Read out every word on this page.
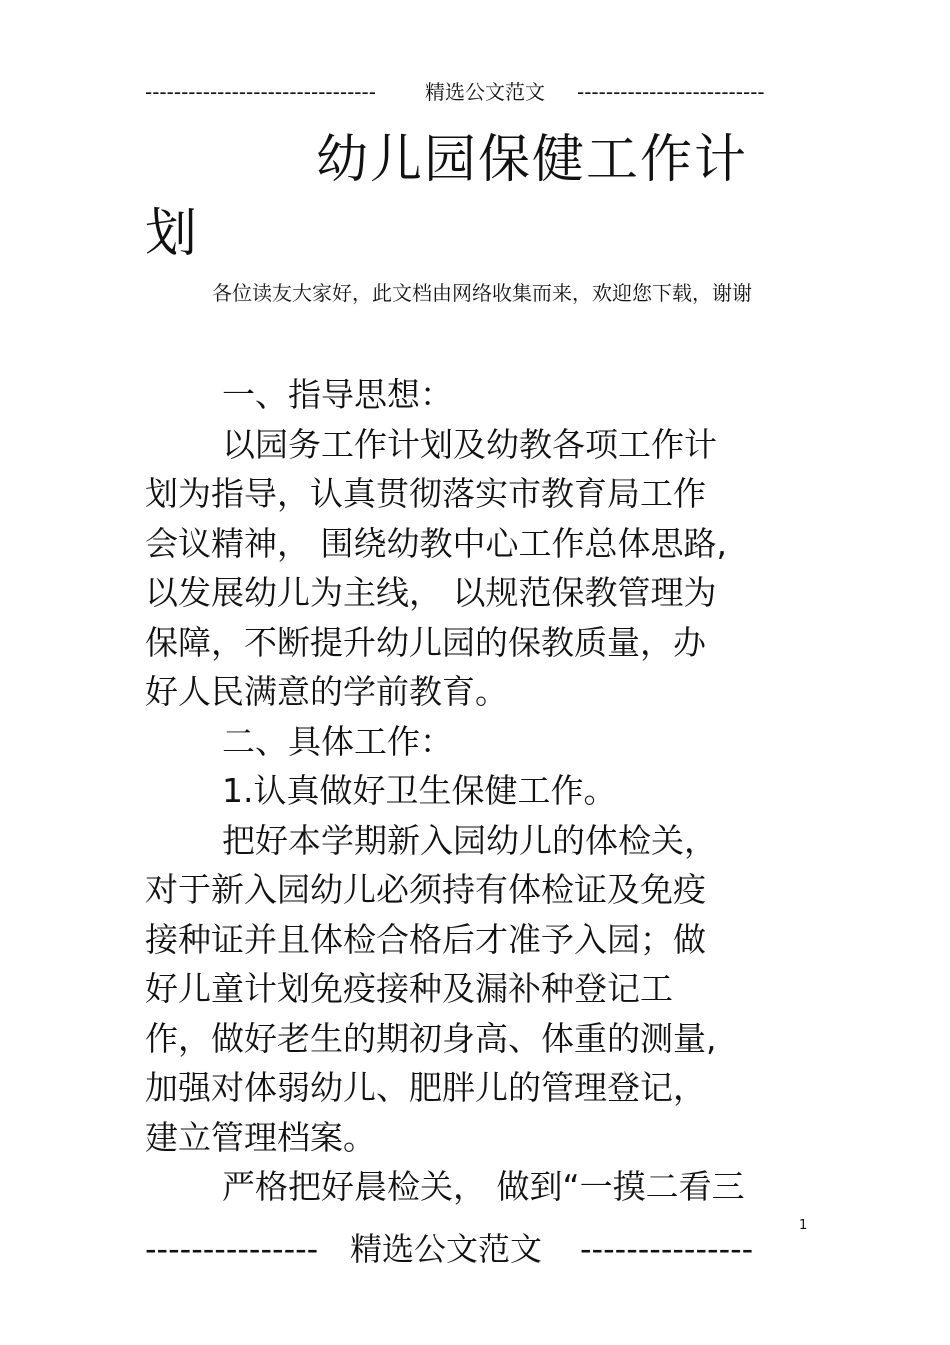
-------------------------------- 精选公文范文 --------------------------
幼儿园保健工作计
划
各位读友大家好，此文档由网络收集而来，欢迎您下载，谢谢
一、指导思想：
以园务工作计划及幼教各项工作计
划为指导，认真贯彻落实市教育局工作
会议精神， 围绕幼教中心工作总体思路,
以发展幼儿为主线， 以规范保教管理为
保障，不断提升幼儿园的保教质量，办
好人民满意的学前教育。
二、具体工作：
1.认真做好卫生保健工作。
把好本学期新入园幼儿的体检关，
对于新入园幼儿必须持有体检证及免疫
接种证并且体检合格后才准予入园；做
好儿童计划免疫接种及漏补种登记工
作，做好老生的期初身高、体重的测量,
加强对体弱幼儿、肥胖儿的管理登记，
建立管理档案。
严格把好晨检关， 做到“一摸二看三
1
--------------- 精选公文范文 ---------------
